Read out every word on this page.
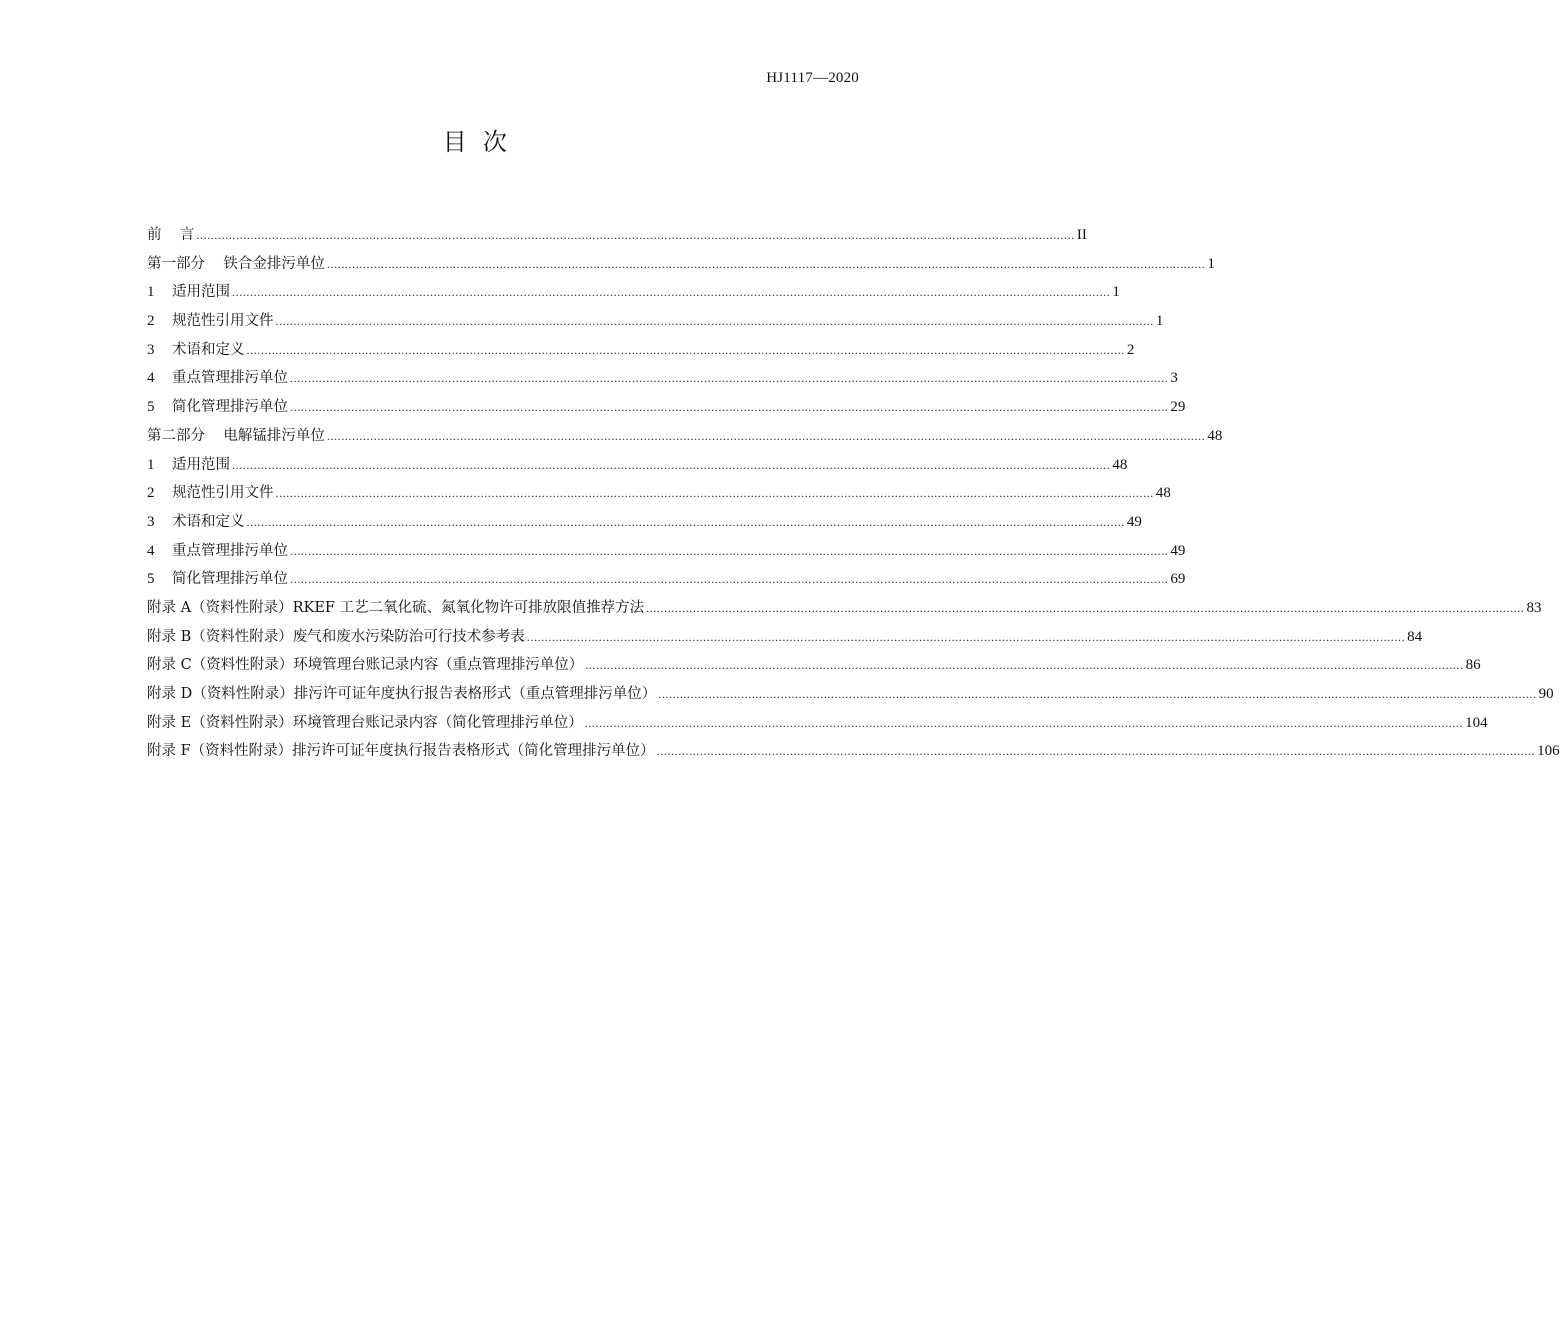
HJ1117—2020
目  次
前    言 .................................................................................................................................................................................................................................................... II
第一部分    铁合金排污单位 .................................................................................................................................................................................................................................................... 1
1 适用范围 .................................................................................................................................................................................................................................................... 1
2 规范性引用文件 .................................................................................................................................................................................................................................................... 1
3 术语和定义 .................................................................................................................................................................................................................................................... 2
4 重点管理排污单位 .................................................................................................................................................................................................................................................... 3
5 简化管理排污单位 .................................................................................................................................................................................................................................................... 29
第二部分    电解锰排污单位 .................................................................................................................................................................................................................................................... 48
1 适用范围 .................................................................................................................................................................................................................................................... 48
2 规范性引用文件 .................................................................................................................................................................................................................................................... 48
3 术语和定义 .................................................................................................................................................................................................................................................... 49
4 重点管理排污单位 .................................................................................................................................................................................................................................................... 49
5 简化管理排污单位 .................................................................................................................................................................................................................................................... 69
附录 A（资料性附录）RKEF 工艺二氧化硫、氮氧化物许可排放限值推荐方法 .................................................................................................................................................................................................................................................... 83
附录 B（资料性附录）废气和废水污染防治可行技术参考表 .................................................................................................................................................................................................................................................... 84
附录 C（资料性附录）环境管理台账记录内容（重点管理排污单位） .................................................................................................................................................................................................................................................... 86
附录 D（资料性附录）排污许可证年度执行报告表格形式（重点管理排污单位） .................................................................................................................................................................................................................................................... 90
附录 E（资料性附录）环境管理台账记录内容（简化管理排污单位） .................................................................................................................................................................................................................................................... 104
附录 F（资料性附录）排污许可证年度执行报告表格形式（简化管理排污单位） .................................................................................................................................................................................................................................................... 106
